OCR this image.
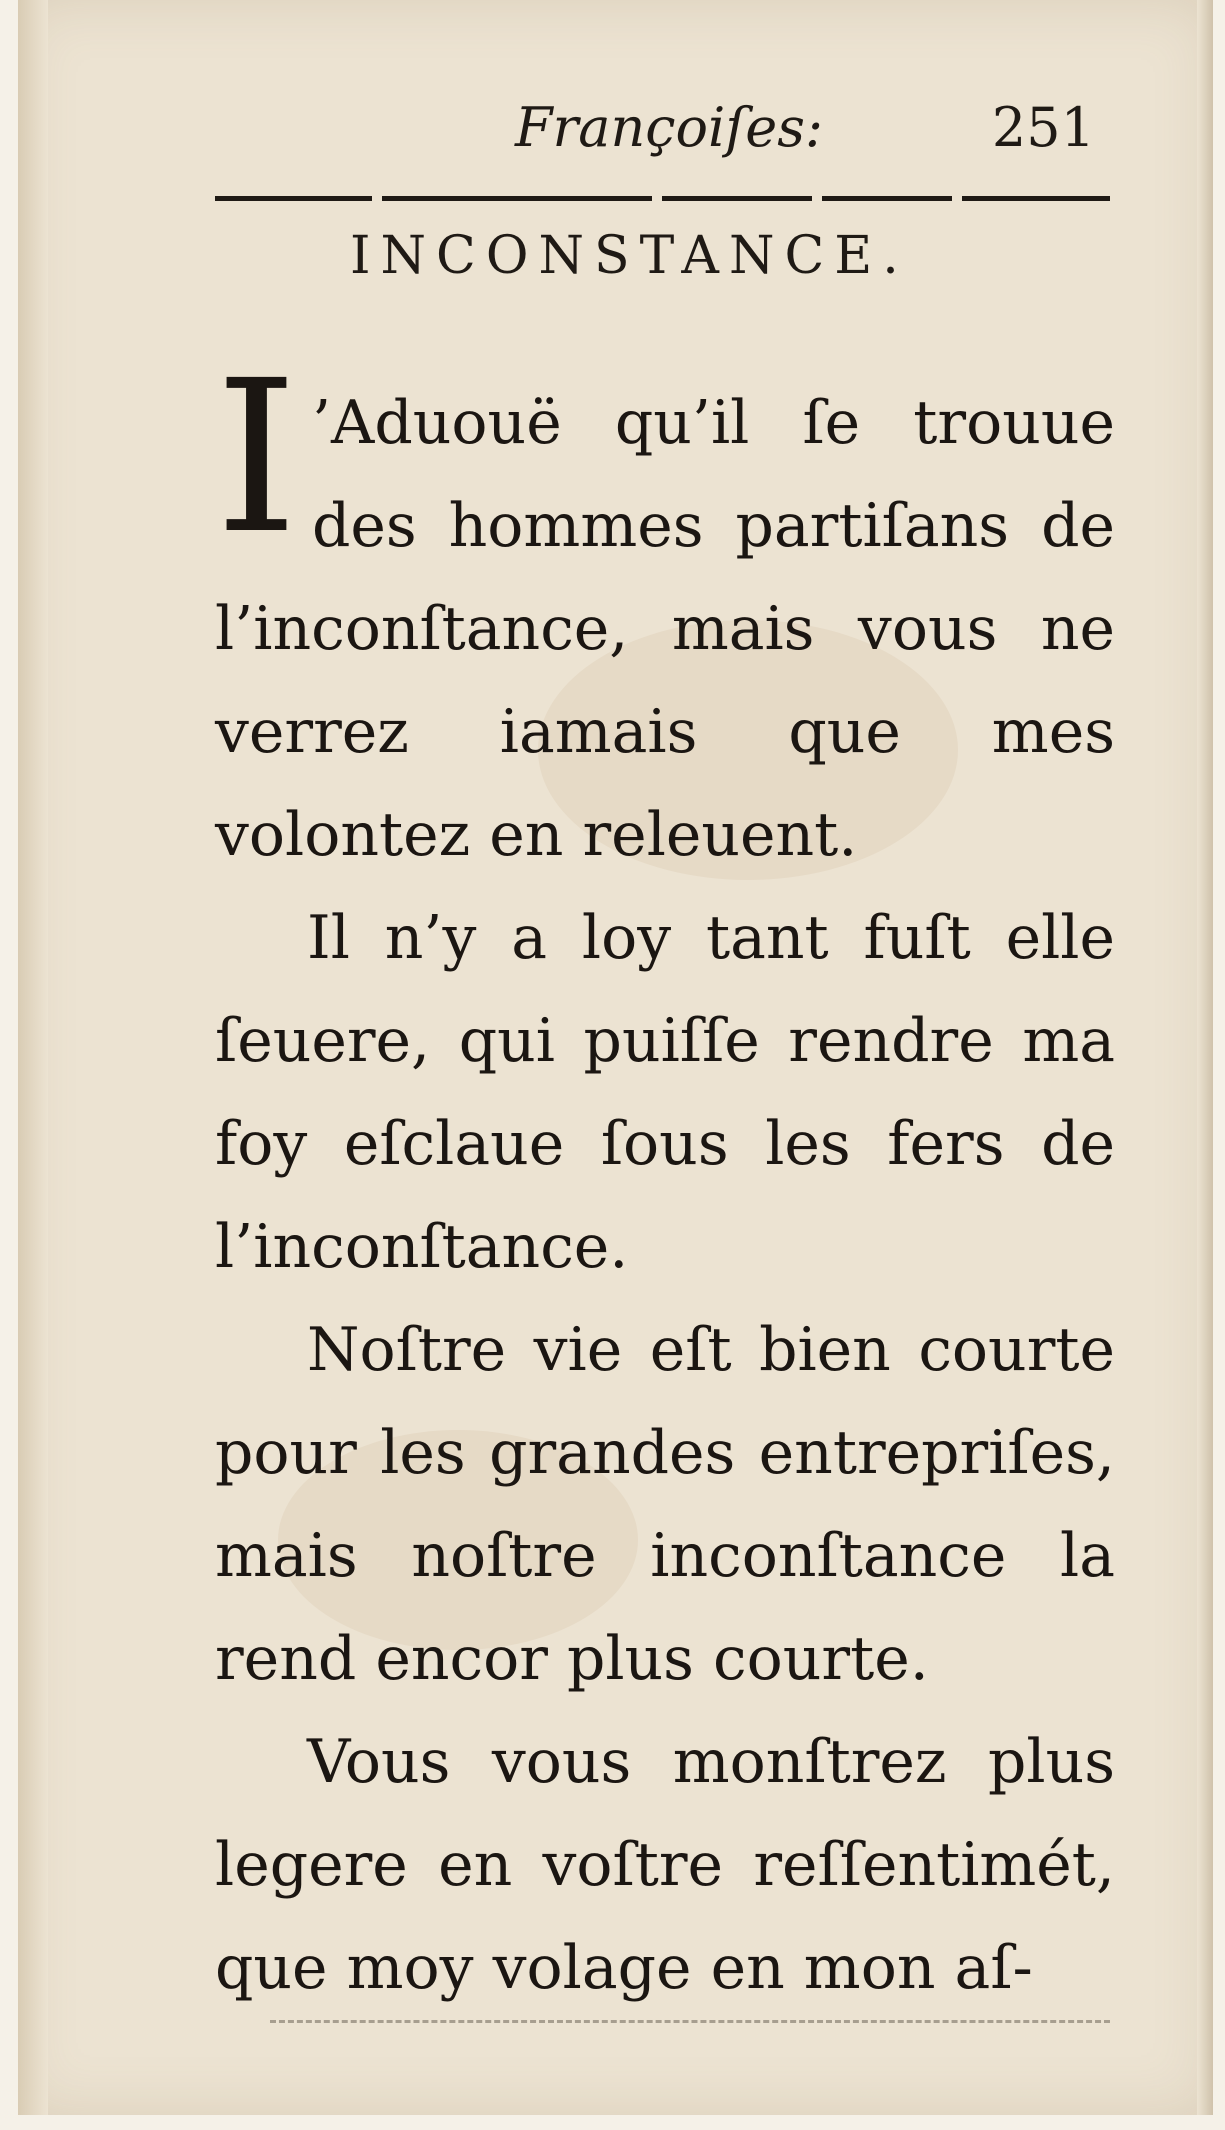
Françoiſes:	251
INCONSTANCE.

I ’Aduouë qu’il ſe trouue des hommes partiſans de l’inconſtance, mais vous ne verrez iamais que mes volontez en releuent.

Il n’y a loy tant fuſt elle ſeuere, qui puiſſe rendre ma foy eſclaue ſous les fers de l’inconſtance.

Noſtre vie eſt bien courte pour les grandes entrepriſes, mais noſtre inconſtance la rend encor plus courte.

Vous vous monſtrez plus legere en voſtre reſſentimét, que moy volage en mon aſ-
